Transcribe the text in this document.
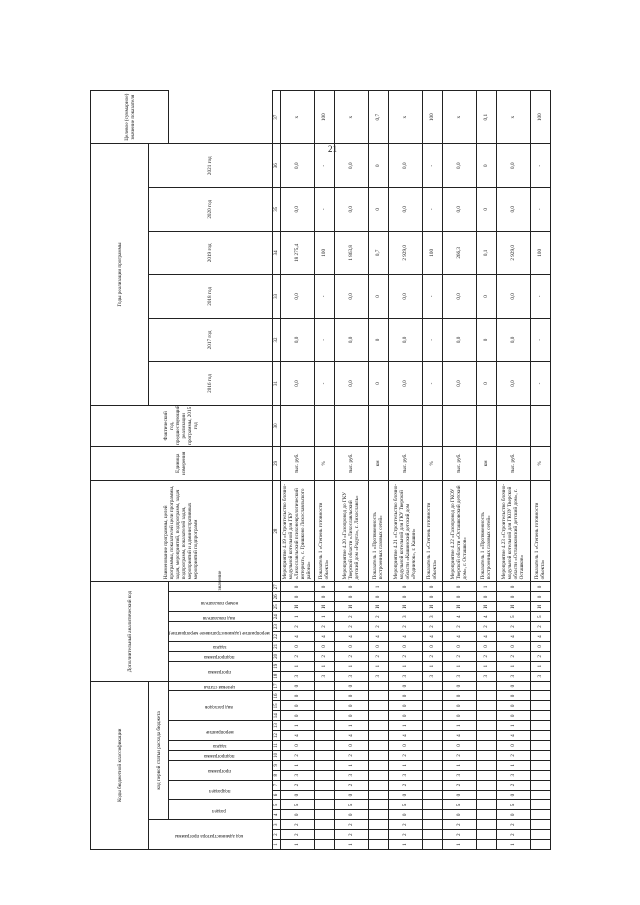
21
Коды бюджетной классификации																	Дополнительный аналитический код										Наименование программы, целей программы, показателей цели программы, задач, мероприятий, подпрограмм, задач подпрограмм, показателей задач, мероприятий и административных мероприятий подпрограмм	Единица измерения	Фактический год, предшествующий реализации программы, 2015 год	Годы реализации программы						Целевое (суммарное) значение показателя
код администратора программы			код первой статьи расхода бюджета																											2016 год	2017 год	2018 год	2019 год	2020 год	2021 год	
			раздел		подраздел		программа		подпрограмма	задача	мероприятие		вид расходов			целевая статья	программа		подпрограмма	задача	мероприятие (административное мероприятие)		вид показателя	номер показателя		значение										
1	2	3	4	5	6	7	8	9	10	11	12	13	14	15	16	17	18	19	20	21	22	23	24	25	26	27	28	29	30	31	32	33	34	35	36	37
1	2	2	0	5	0	2	3	1	2	0	4	1	0	0	0	0	3	1	2	0	4	2	1	И	0	0	Мероприятие 4.19 «Строительство блочно-модульной котельной для ГБУ «Лихославльский психоневрологический интернат», с. Гришково Лихославльского района»	тыс. руб.		0,0	0,0	0,0	18 275,4	0,0	0,0	x
																	3	1	2	0	4	2	1	И	0	0	Показатель 1 «Степень готовности объекта»	%		-	-	-	100	-	-	100
1	2	2	0	5	0	2	3	1	2	0	4	1	0	0	0	0	3	1	2	0	4	2	2	И	0	0	Мероприятие 4.20 «Газопровод до ГКУ Тверской области «Лихославльский детский дом «Радуга», г. Лихославль»	тыс. руб.		0,0	0,0	0,0	1 863,8	0,0	0,0	x
																	3	1	2	0	4	2	2	И	0	1	Показатель 1 «Протяженность построенных газовых сетей»	км		0	0	0	0,7	0	0	0,7
1	2	2	0	5	0	2	3	1	2	0	4	1	0	0	0	0	3	1	2	0	4	2	3	И	0	0	Мероприятие 4.21 «Строительство блочно-модульной котельной для ГКУ Тверской области «Кашинский детский дом «Родничок», г. Кашин»	тыс. руб.		0,0	0,0	0,0	2 929,0	0,0	0,0	x
																	3	1	2	0	4	2	3	И	0	0	Показатель 1 «Степень готовности объекта»	%		-	-	-	100	-	-	100
1	2	2	0	5	0	2	3	1	2	0	4	1	0	0	0	0	3	1	2	0	4	2	4	И	0	0	Мероприятие 4.22 «Газопровод до ГКОУ Тверской области «Осташковский детский дом», г. Осташков»	тыс. руб.		0,0	0,0	0,0	266,3	0,0	0,0	x
																	3	1	2	0	4	2	4	И	0	1	Показатель 1 «Протяженность построенных газовых сетей»	км		0	0	0	0,1	0	0	0,1
1	2	2	0	5	0	2	3	1	2	0	4	1	0	0	0	0	3	1	2	0	4	2	5	И	0	0	Мероприятие 4.23 «Строительство блочно-модульной котельной для ГКОУ Тверской области «Осташковский детский дом», г. Осташков»	тыс. руб.		0,0	0,0	0,0	2 929,0	0,0	0,0	x
																	3	1	2	0	4	2	5	И	0	0	Показатель 1 «Степень готовности объекта»	%		-	-	-	100	-	-	100
